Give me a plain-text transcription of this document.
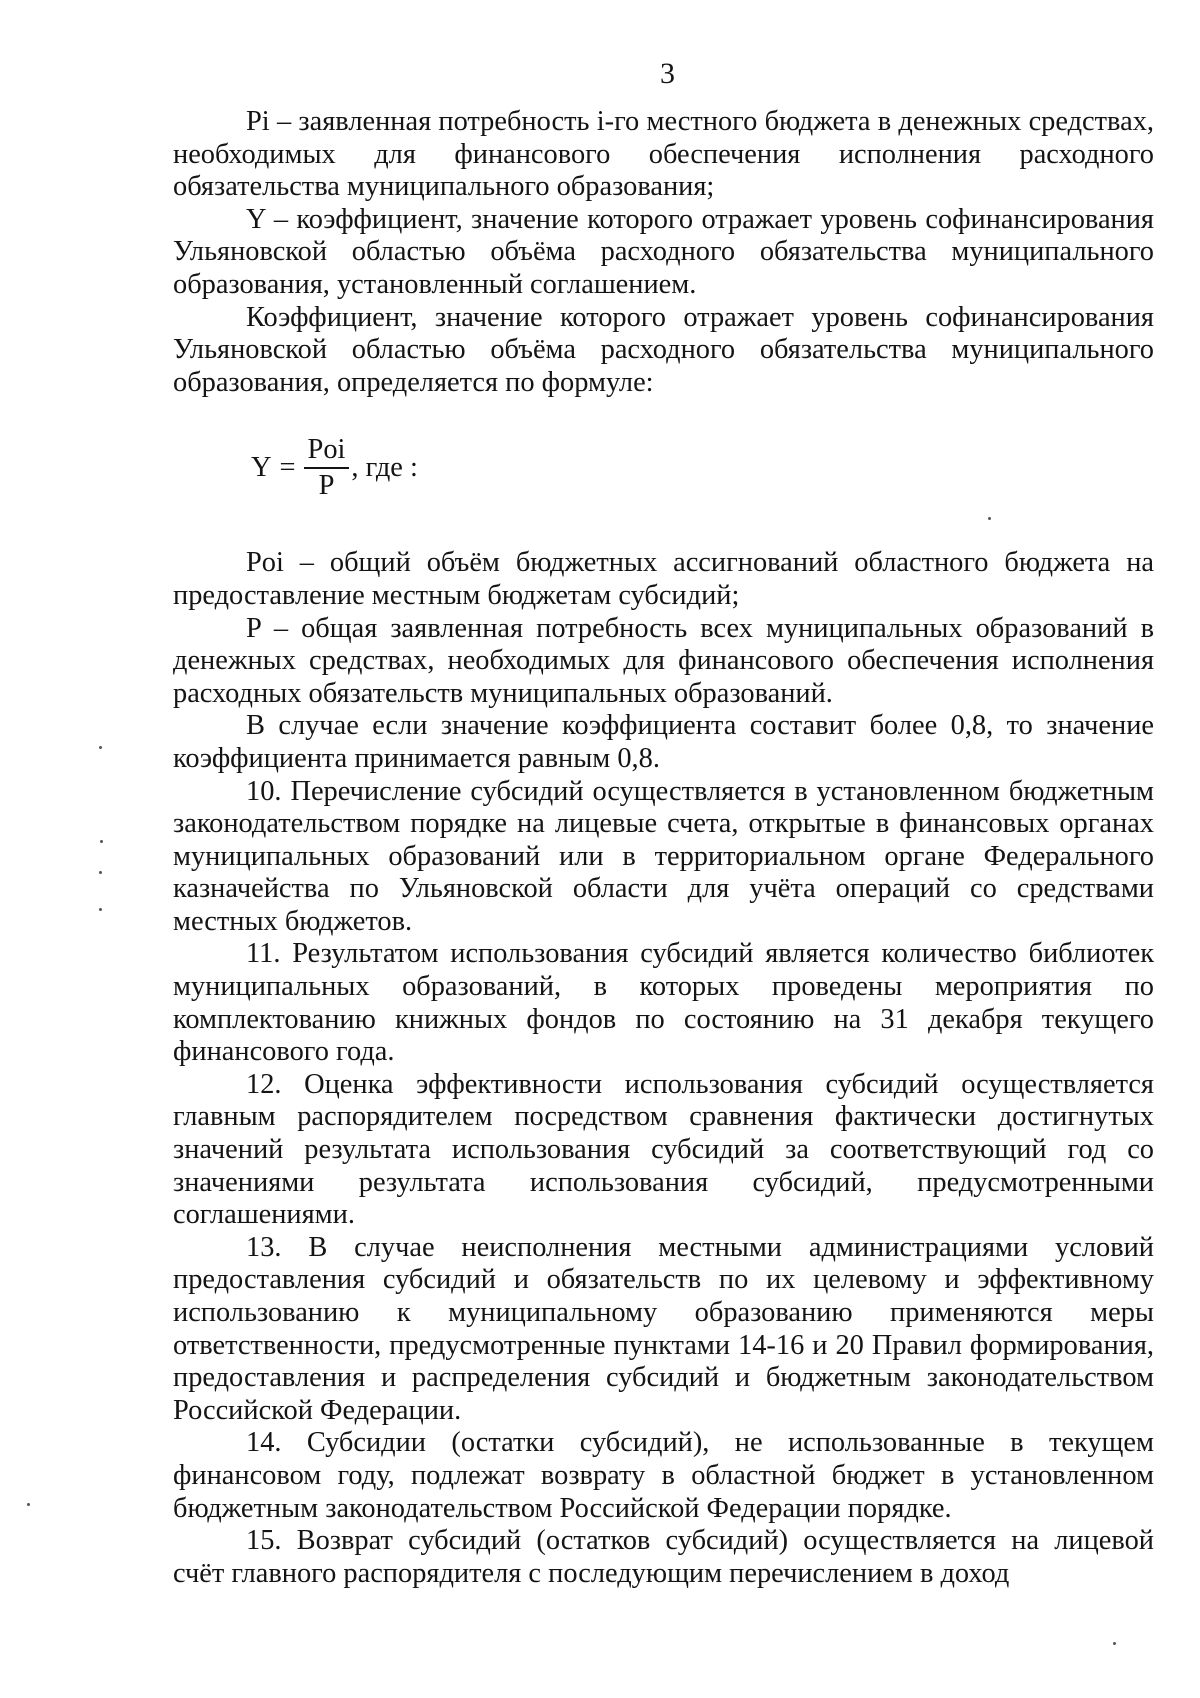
3

Pi – заявленная потребность i-го местного бюджета в денежных средствах, необходимых для финансового обеспечения исполнения расходного обязательства муниципального образования;

Y – коэффициент, значение которого отражает уровень софинансирования Ульяновской областью объёма расходного обязательства муниципального образования, установленный соглашением.

Коэффициент, значение которого отражает уровень софинансирования Ульяновской областью объёма расходного обязательства муниципального образования, определяется по формуле:

$Y = \frac{\text{Poi}}{P}$ , где :

Poi – общий объём бюджетных ассигнований областного бюджета на предоставление местным бюджетам субсидий;

P – общая заявленная потребность всех муниципальных образований в денежных средствах, необходимых для финансового обеспечения исполнения расходных обязательств муниципальных образований.

В случае если значение коэффициента составит более 0,8, то значение коэффициента принимается равным 0,8.

10. Перечисление субсидий осуществляется в установленном бюджетным законодательством порядке на лицевые счета, открытые в финансовых органах муниципальных образований или в территориальном органе Федерального казначейства по Ульяновской области для учёта операций со средствами местных бюджетов.

11. Результатом использования субсидий является количество библиотек муниципальных образований, в которых проведены мероприятия по комплектованию книжных фондов по состоянию на 31 декабря текущего финансового года.

12. Оценка эффективности использования субсидий осуществляется главным распорядителем посредством сравнения фактически достигнутых значений результата использования субсидий за соответствующий год со значениями результата использования субсидий, предусмотренными соглашениями.

13. В случае неисполнения местными администрациями условий предоставления субсидий и обязательств по их целевому и эффективному использованию к муниципальному образованию применяются меры ответственности, предусмотренные пунктами 14-16 и 20 Правил формирования, предоставления и распределения субсидий и бюджетным законодательством Российской Федерации.

14. Субсидии (остатки субсидий), не использованные в текущем финансовом году, подлежат возврату в областной бюджет в установленном бюджетным законодательством Российской Федерации порядке.

15. Возврат субсидий (остатков субсидий) осуществляется на лицевой счёт главного распорядителя с последующим перечислением в доход
